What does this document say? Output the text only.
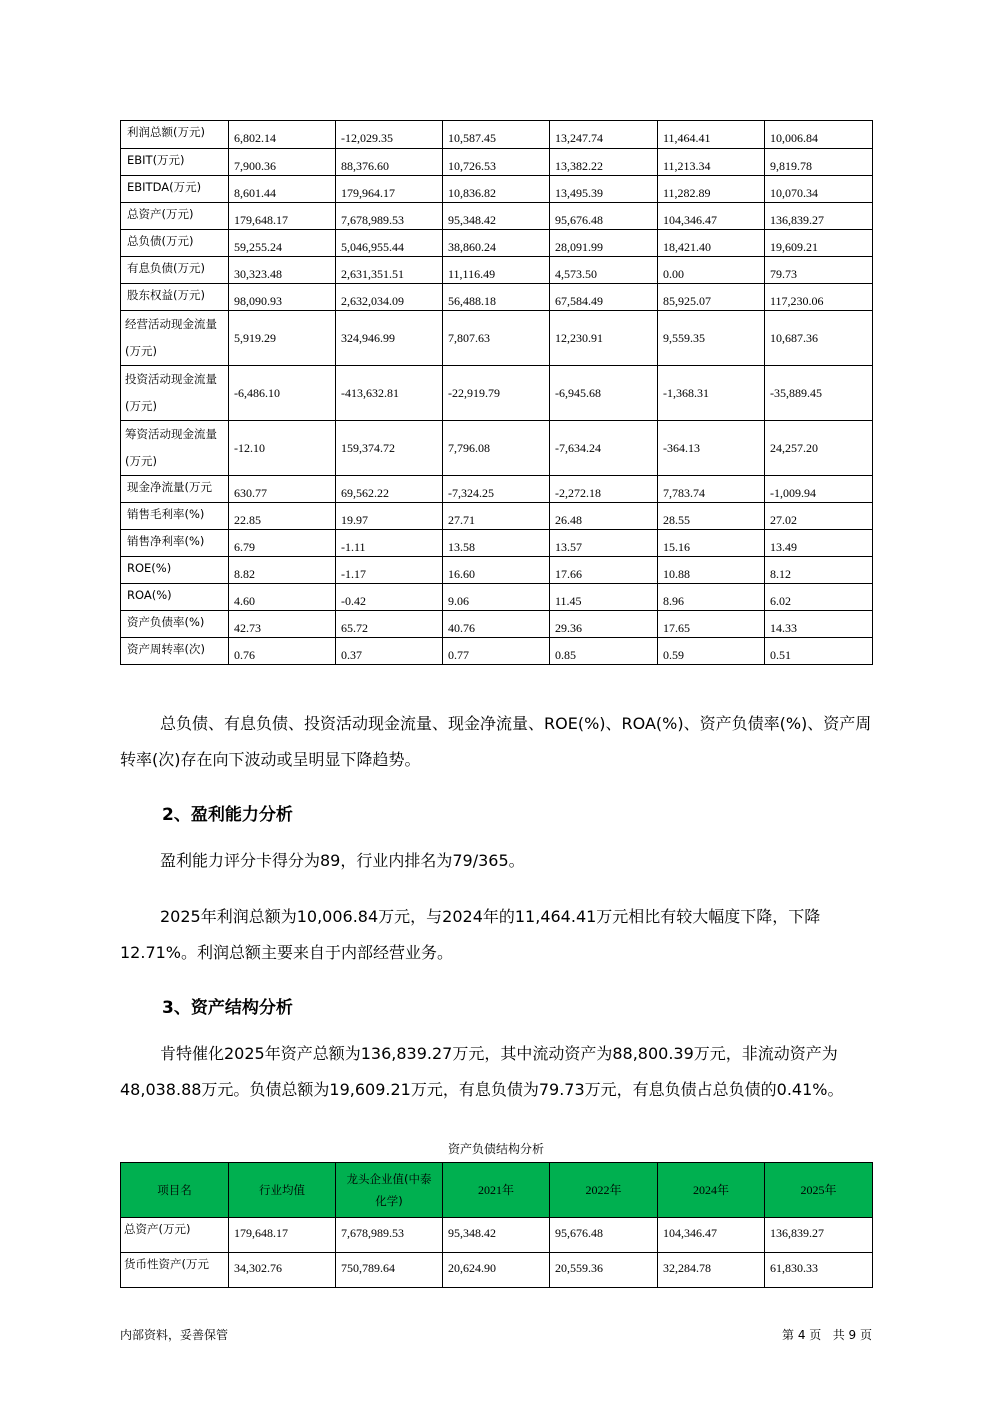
利润总额(万元)	6,802.14	-12,029.35	10,587.45	13,247.74	11,464.41	10,006.84
EBIT(万元)	7,900.36	88,376.60	10,726.53	13,382.22	11,213.34	9,819.78
EBITDA(万元)	8,601.44	179,964.17	10,836.82	13,495.39	11,282.89	10,070.34
总资产(万元)	179,648.17	7,678,989.53	95,348.42	95,676.48	104,346.47	136,839.27
总负债(万元)	59,255.24	5,046,955.44	38,860.24	28,091.99	18,421.40	19,609.21
有息负债(万元)	30,323.48	2,631,351.51	11,116.49	4,573.50	0.00	79.73
股东权益(万元)	98,090.93	2,632,034.09	56,488.18	67,584.49	85,925.07	117,230.06
经营活动现金流量(万元)	5,919.29	324,946.99	7,807.63	12,230.91	9,559.35	10,687.36
投资活动现金流量(万元)	-6,486.10	-413,632.81	-22,919.79	-6,945.68	-1,368.31	-35,889.45
筹资活动现金流量(万元)	-12.10	159,374.72	7,796.08	-7,634.24	-364.13	24,257.20
现金净流量(万元	630.77	69,562.22	-7,324.25	-2,272.18	7,783.74	-1,009.94
销售毛利率(%)	22.85	19.97	27.71	26.48	28.55	27.02
销售净利率(%)	6.79	-1.11	13.58	13.57	15.16	13.49
ROE(%)	8.82	-1.17	16.60	17.66	10.88	8.12
ROA(%)	4.60	-0.42	9.06	11.45	8.96	6.02
资产负债率(%)	42.73	65.72	40.76	29.36	17.65	14.33
资产周转率(次)	0.76	0.37	0.77	0.85	0.59	0.51

总负债、有息负债、投资活动现金流量、现金净流量、ROE(%)、ROA(%)、资产负债率(%)、资产周转率(次)存在向下波动或呈明显下降趋势。

2、盈利能力分析

盈利能力评分卡得分为89，行业内排名为79/365。

2025年利润总额为10,006.84万元，与2024年的11,464.41万元相比有较大幅度下降，下降12.71%。利润总额主要来自于内部经营业务。

3、资产结构分析

肯特催化2025年资产总额为136,839.27万元，其中流动资产为88,800.39万元，非流动资产为48,038.88万元。负债总额为19,609.21万元，有息负债为79.73万元，有息负债占总负债的0.41%。

资产负债结构分析
项目名	行业均值	龙头企业值(中泰化学)	2021年	2022年	2024年	2025年
总资产(万元)	179,648.17	7,678,989.53	95,348.42	95,676.48	104,346.47	136,839.27
货币性资产(万元	34,302.76	750,789.64	20,624.90	20,559.36	32,284.78	61,830.33
内部资料，妥善保管	第 4 页   共 9 页
